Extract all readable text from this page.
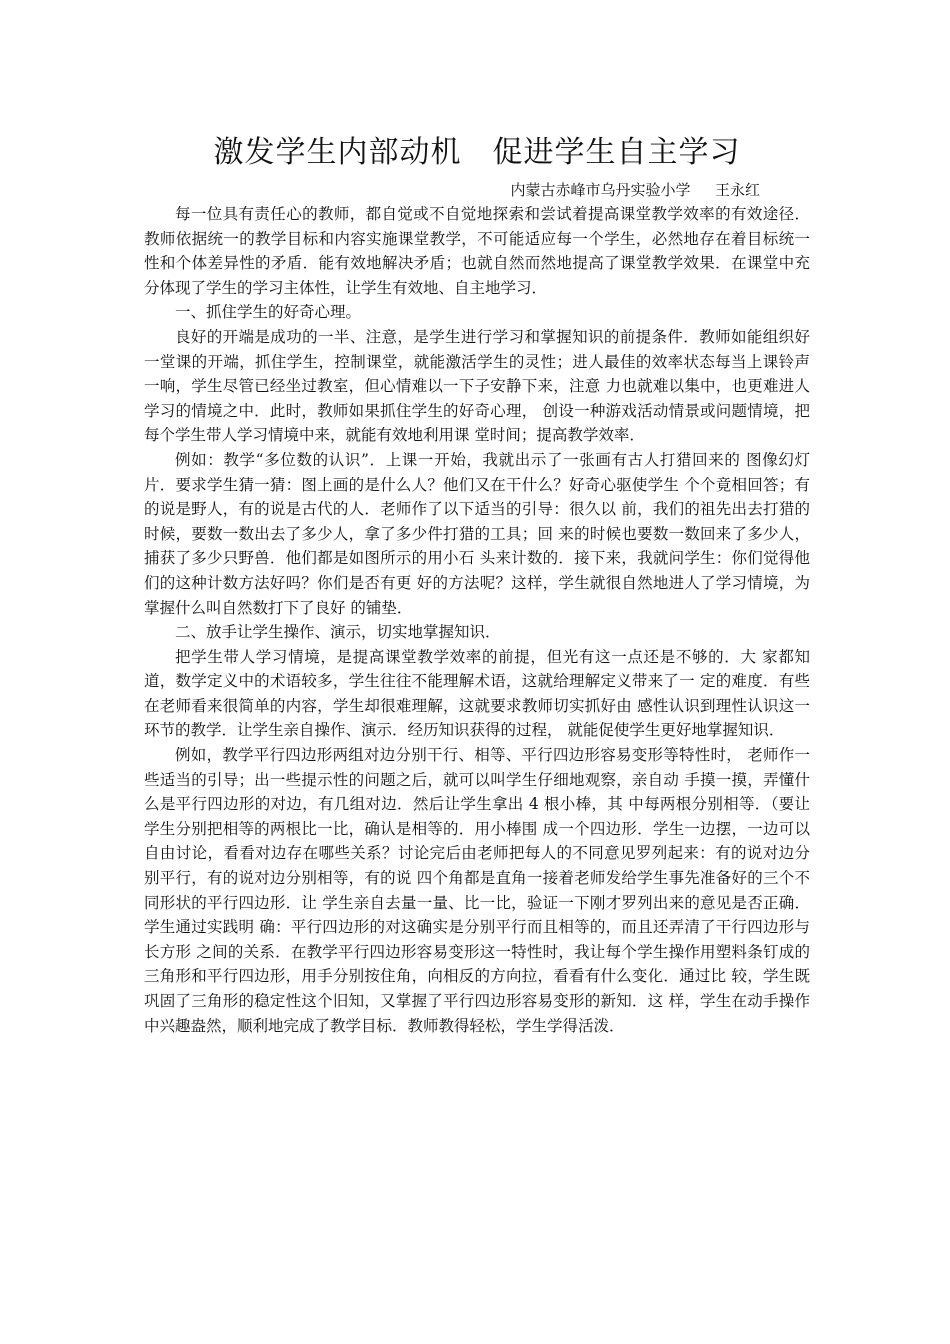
激发学生内部动机　促进学生自主学习

内蒙古赤峰市乌丹实验小学　  王永红

每一位具有责任心的教师，都自觉或不自觉地探索和尝试着提高课堂教学效率的有效途径．教师依据统一的教学目标和内容实施课堂教学，不可能适应每一个学生，必然地存在着目标统一性和个体差异性的矛盾．能有效地解决矛盾；也就自然而然地提高了课堂教学效果．在课堂中充分体现了学生的学习主体性，让学生有效地、自主地学习．

一、抓住学生的好奇心理。

良好的开端是成功的一半、注意，是学生进行学习和掌握知识的前提条件．教师如能组织好一堂课的开端，抓住学生，控制课堂，就能激活学生的灵性；进人最佳的效率状态每当上课铃声一响，学生尽管已经坐过教室，但心情难以一下子安静下来，注意 力也就难以集中，也更难进人学习的情境之中．此时，教师如果抓住学生的好奇心理， 创设一种游戏活动情景或问题情境，把每个学生带人学习情境中来，就能有效地利用课 堂时间；提高教学效率．

例如：教学“多位数的认识”．上课一开始，我就出示了一张画有古人打猎回来的 图像幻灯片．要求学生猜一猜：图上画的是什么人？他们又在干什么？好奇心驱使学生 个个竟相回答；有的说是野人，有的说是古代的人．老师作了以下适当的引导：很久以 前，我们的祖先出去打猎的时候，要数一数出去了多少人，拿了多少件打猎的工具；回 来的时候也要数一数回来了多少人，捕获了多少只野兽．他们都是如图所示的用小石 头来计数的．接下来，我就问学生：你们觉得他们的这种计数方法好吗？你们是否有更 好的方法呢？这样，学生就很自然地进人了学习情境，为掌握什么叫自然数打下了良好 的铺垫．

二、放手让学生操作、演示，切实地掌握知识．

把学生带人学习情境，是提高课堂教学效率的前提，但光有这一点还是不够的．大 家都知道，数学定义中的术语较多，学生往往不能理解术语，这就给理解定义带来了一 定的难度．有些在老师看来很简单的内容，学生却很难理解，这就要求教师切实抓好由 感性认识到理性认识这一环节的教学．让学生亲自操作、演示．经历知识获得的过程， 就能促使学生更好地掌握知识．

例如，教学平行四边形两组对边分别干行、相等、平行四边形容易变形等特性时， 老师作一些适当的引导；出一些提示性的问题之后，就可以叫学生仔细地观察，亲自动 手摸一摸，弄懂什么是平行四边形的对边，有几组对边．然后让学生拿出 4 根小棒，其 中每两根分别相等．（要让学生分别把相等的两根比一比，确认是相等的．用小棒围 成一个四边形．学生一边摆，一边可以自由讨论，看看对边存在哪些关系？讨论完后由老师把每人的不同意见罗列起来：有的说对边分别平行，有的说对边分别相等，有的说 四个角都是直角一接着老师发给学生事先准备好的三个不同形状的平行四边形．让 学生亲自去量一量、比一比，验证一下刚才罗列出来的意见是否正确．学生通过实践明 确：平行四边形的对这确实是分别平行而且相等的，而且还弄清了干行四边形与长方形 之间的关系．在教学平行四边形容易变形这一特性时，我让每个学生操作用塑料条钉成的三角形和平行四边形，用手分别按住角，向相反的方向拉，看看有什么变化．通过比 较，学生既巩固了三角形的稳定性这个旧知，又掌握了平行四边形容易变形的新知．这 样，学生在动手操作中兴趣盎然，顺利地完成了教学目标．教师教得轻松，学生学得活泼．
